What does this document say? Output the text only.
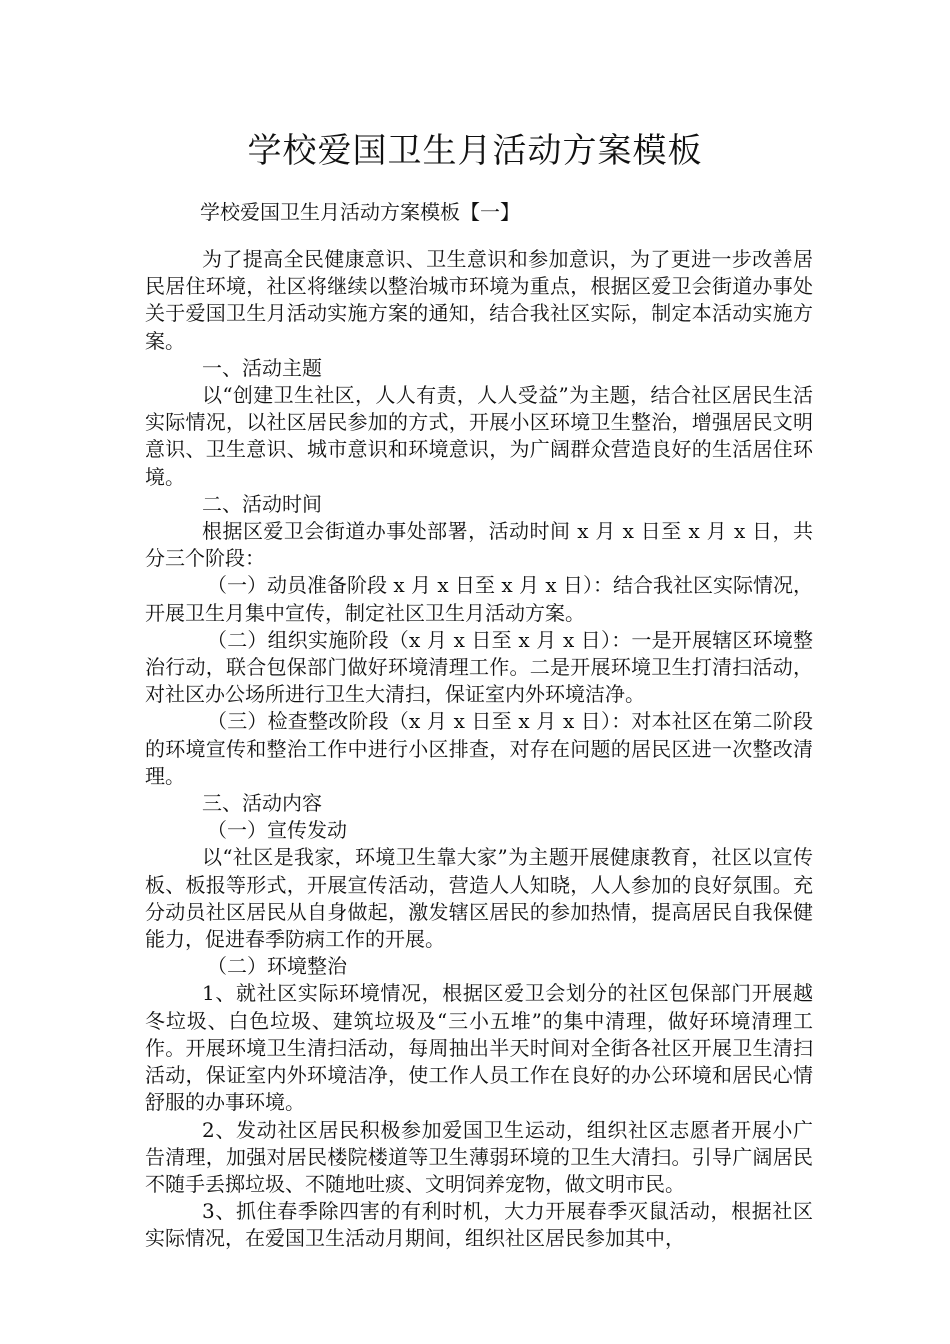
学校爱国卫生月活动方案模板
学校爱国卫生月活动方案模板【一】

为了提高全民健康意识、卫生意识和参加意识，为了更进一步改善居民居住环境，社区将继续以整治城市环境为重点，根据区爱卫会街道办事处关于爱国卫生月活动实施方案的通知，结合我社区实际，制定本活动实施方案。

一、活动主题

以“创建卫生社区，人人有责，人人受益”为主题，结合社区居民生活实际情况，以社区居民参加的方式，开展小区环境卫生整治，增强居民文明意识、卫生意识、城市意识和环境意识，为广阔群众营造良好的生活居住环境。

二、活动时间

根据区爱卫会街道办事处部署，活动时间 x 月 x 日至 x 月 x 日，共分三个阶段：

（一）动员准备阶段 x 月 x 日至 x 月 x 日）：结合我社区实际情况，开展卫生月集中宣传，制定社区卫生月活动方案。

（二）组织实施阶段（x 月 x 日至 x 月 x 日）：一是开展辖区环境整治行动，联合包保部门做好环境清理工作。二是开展环境卫生打清扫活动，对社区办公场所进行卫生大清扫，保证室内外环境洁净。

（三）检查整改阶段（x 月 x 日至 x 月 x 日）：对本社区在第二阶段的环境宣传和整治工作中进行小区排查，对存在问题的居民区进一次整改清理。

三、活动内容

（一）宣传发动

以“社区是我家，环境卫生靠大家”为主题开展健康教育，社区以宣传板、板报等形式，开展宣传活动，营造人人知晓，人人参加的良好氛围。充分动员社区居民从自身做起，激发辖区居民的参加热情，提高居民自我保健能力，促进春季防病工作的开展。

（二）环境整治

1、就社区实际环境情况，根据区爱卫会划分的社区包保部门开展越冬垃圾、白色垃圾、建筑垃圾及“三小五堆”的集中清理，做好环境清理工作。开展环境卫生清扫活动，每周抽出半天时间对全街各社区开展卫生清扫活动，保证室内外环境洁净，使工作人员工作在良好的办公环境和居民心情舒服的办事环境。

2、发动社区居民积极参加爱国卫生运动，组织社区志愿者开展小广告清理，加强对居民楼院楼道等卫生薄弱环境的卫生大清扫。引导广阔居民不随手丢掷垃圾、不随地吐痰、文明饲养宠物，做文明市民。

3、抓住春季除四害的有利时机，大力开展春季灭鼠活动，根据社区实际情况，在爱国卫生活动月期间，组织社区居民参加其中，
